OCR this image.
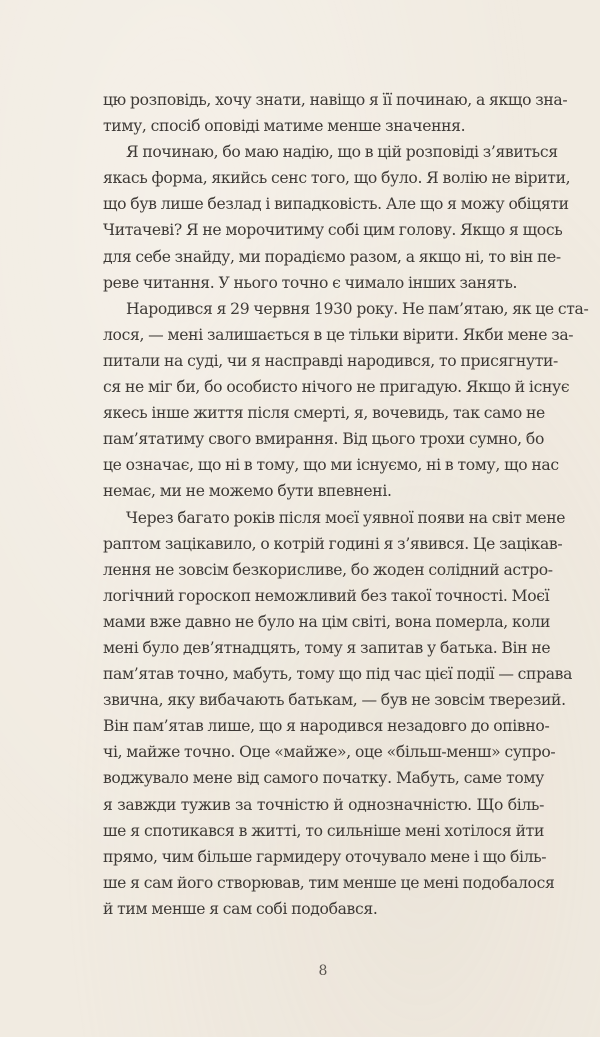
цю розповідь, хочу знати, навіщо я її починаю, а якщо зна-
тиму, спосіб оповіді матиме менше значення.
Я починаю, бо маю надію, що в цій розповіді з’явиться
якась форма, якийсь сенс того, що було. Я волію не вірити,
що був лише безлад і випадковість. Але що я можу обіцяти
Читачеві? Я не морочитиму собі цим голову. Якщо я щось
для себе знайду, ми порадіємо разом, а якщо ні, то він пе-
реве читання. У нього точно є чимало інших занять.
Народився я 29 червня 1930 року. Не пам’ятаю, як це ста-
лося, — мені залишається в це тільки вірити. Якби мене за-
питали на суді, чи я насправді народився, то присягнути-
ся не міг би, бо особисто нічого не пригадую. Якщо й існує
якесь інше життя після смерті, я, вочевидь, так само не
пам’ятатиму свого вмирання. Від цього трохи сумно, бо
це означає, що ні в тому, що ми існуємо, ні в тому, що нас
немає, ми не можемо бути впевнені.
Через багато років після моєї уявної появи на світ мене
раптом зацікавило, о котрій годині я з’явився. Це зацікав-
лення не зовсім безкорисливе, бо жоден солідний астро-
логічний гороскоп неможливий без такої точності. Моєї
мами вже давно не було на цім світі, вона померла, коли
мені було дев’ятнадцять, тому я запитав у батька. Він не
пам’ятав точно, мабуть, тому що під час цієї події — справа
звична, яку вибачають батькам, — був не зовсім тверезий.
Він пам’ятав лише, що я народився незадовго до опівно-
чі, майже точно. Оце «майже», оце «більш-менш» супро-
воджувало мене від самого початку. Мабуть, саме тому
я завжди тужив за точністю й однозначністю. Що біль-
ше я спотикався в житті, то сильніше мені хотілося йти
прямо, чим більше гармидеру оточувало мене і що біль-
ше я сам його створював, тим менше це мені подобалося
й тим менше я сам собі подобався.
8
